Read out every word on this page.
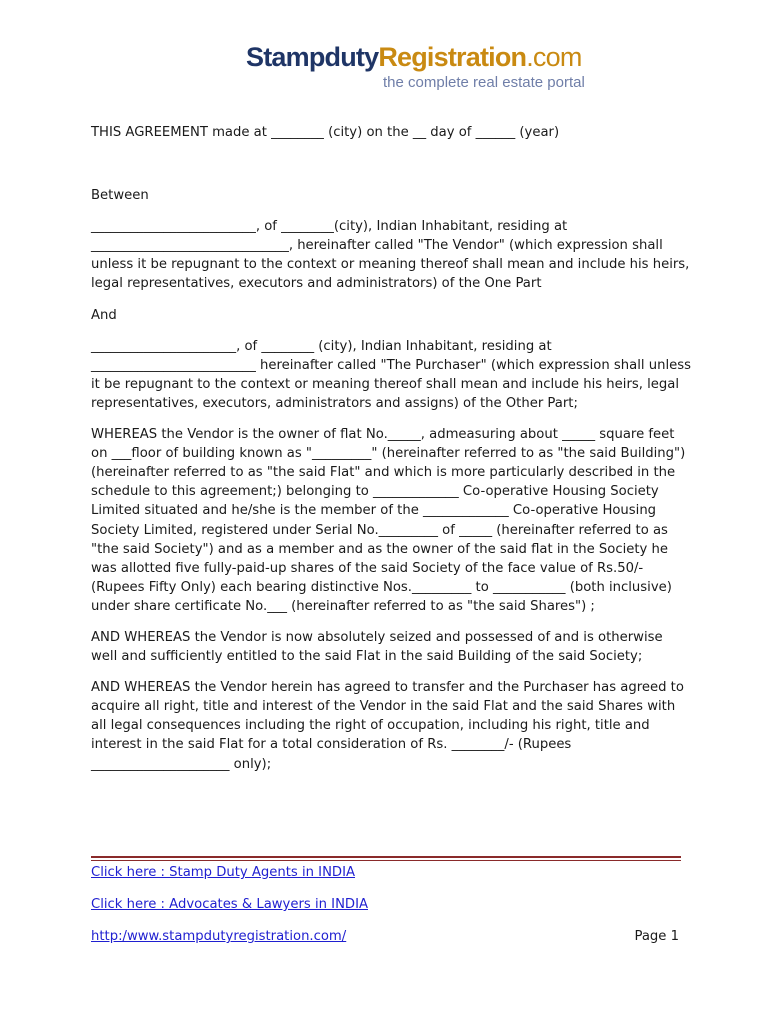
StampdutyRegistration.com
the complete real estate portal

THIS AGREEMENT made at ________ (city) on the __ day of ______ (year)

Between

_________________________, of ________(city), Indian Inhabitant, residing at ______________________________, hereinafter called "The Vendor" (which expression shall unless it be repugnant to the context or meaning thereof shall mean and include his heirs, legal representatives, executors and administrators) of the One Part

And

______________________, of ________ (city), Indian Inhabitant, residing at _________________________ hereinafter called "The Purchaser" (which expression shall unless it be repugnant to the context or meaning thereof shall mean and include his heirs, legal representatives, executors, administrators and assigns) of the Other Part;

WHEREAS the Vendor is the owner of flat No._____, admeasuring about _____ square feet on ___floor of building known as "_________" (hereinafter referred to as "the said Building") (hereinafter referred to as "the said Flat" and which is more particularly described in the schedule to this agreement;) belonging to _____________ Co-operative Housing Society Limited situated and he/she is the member of the _____________ Co-operative Housing Society Limited, registered under Serial No._________ of _____ (hereinafter referred to as "the said Society") and as a member and as the owner of the said flat in the Society he was allotted five fully-paid-up shares of the said Society of the face value of Rs.50/- (Rupees Fifty Only) each bearing distinctive Nos._________ to ___________ (both inclusive) under share certificate No.___ (hereinafter referred to as "the said Shares") ;

AND WHEREAS the Vendor is now absolutely seized and possessed of and is otherwise well and sufficiently entitled to the said Flat in the said Building of the said Society;

AND WHEREAS the Vendor herein has agreed to transfer and the Purchaser has agreed to acquire all right, title and interest of the Vendor in the said Flat and the said Shares with all legal consequences including the right of occupation, including his right, title and interest in the said Flat for a total consideration of Rs. ________/- (Rupees _____________________ only);

Click here : Stamp Duty Agents in INDIA
Click here : Advocates & Lawyers in INDIA
http:/www.stampdutyregistration.com/	Page 1
